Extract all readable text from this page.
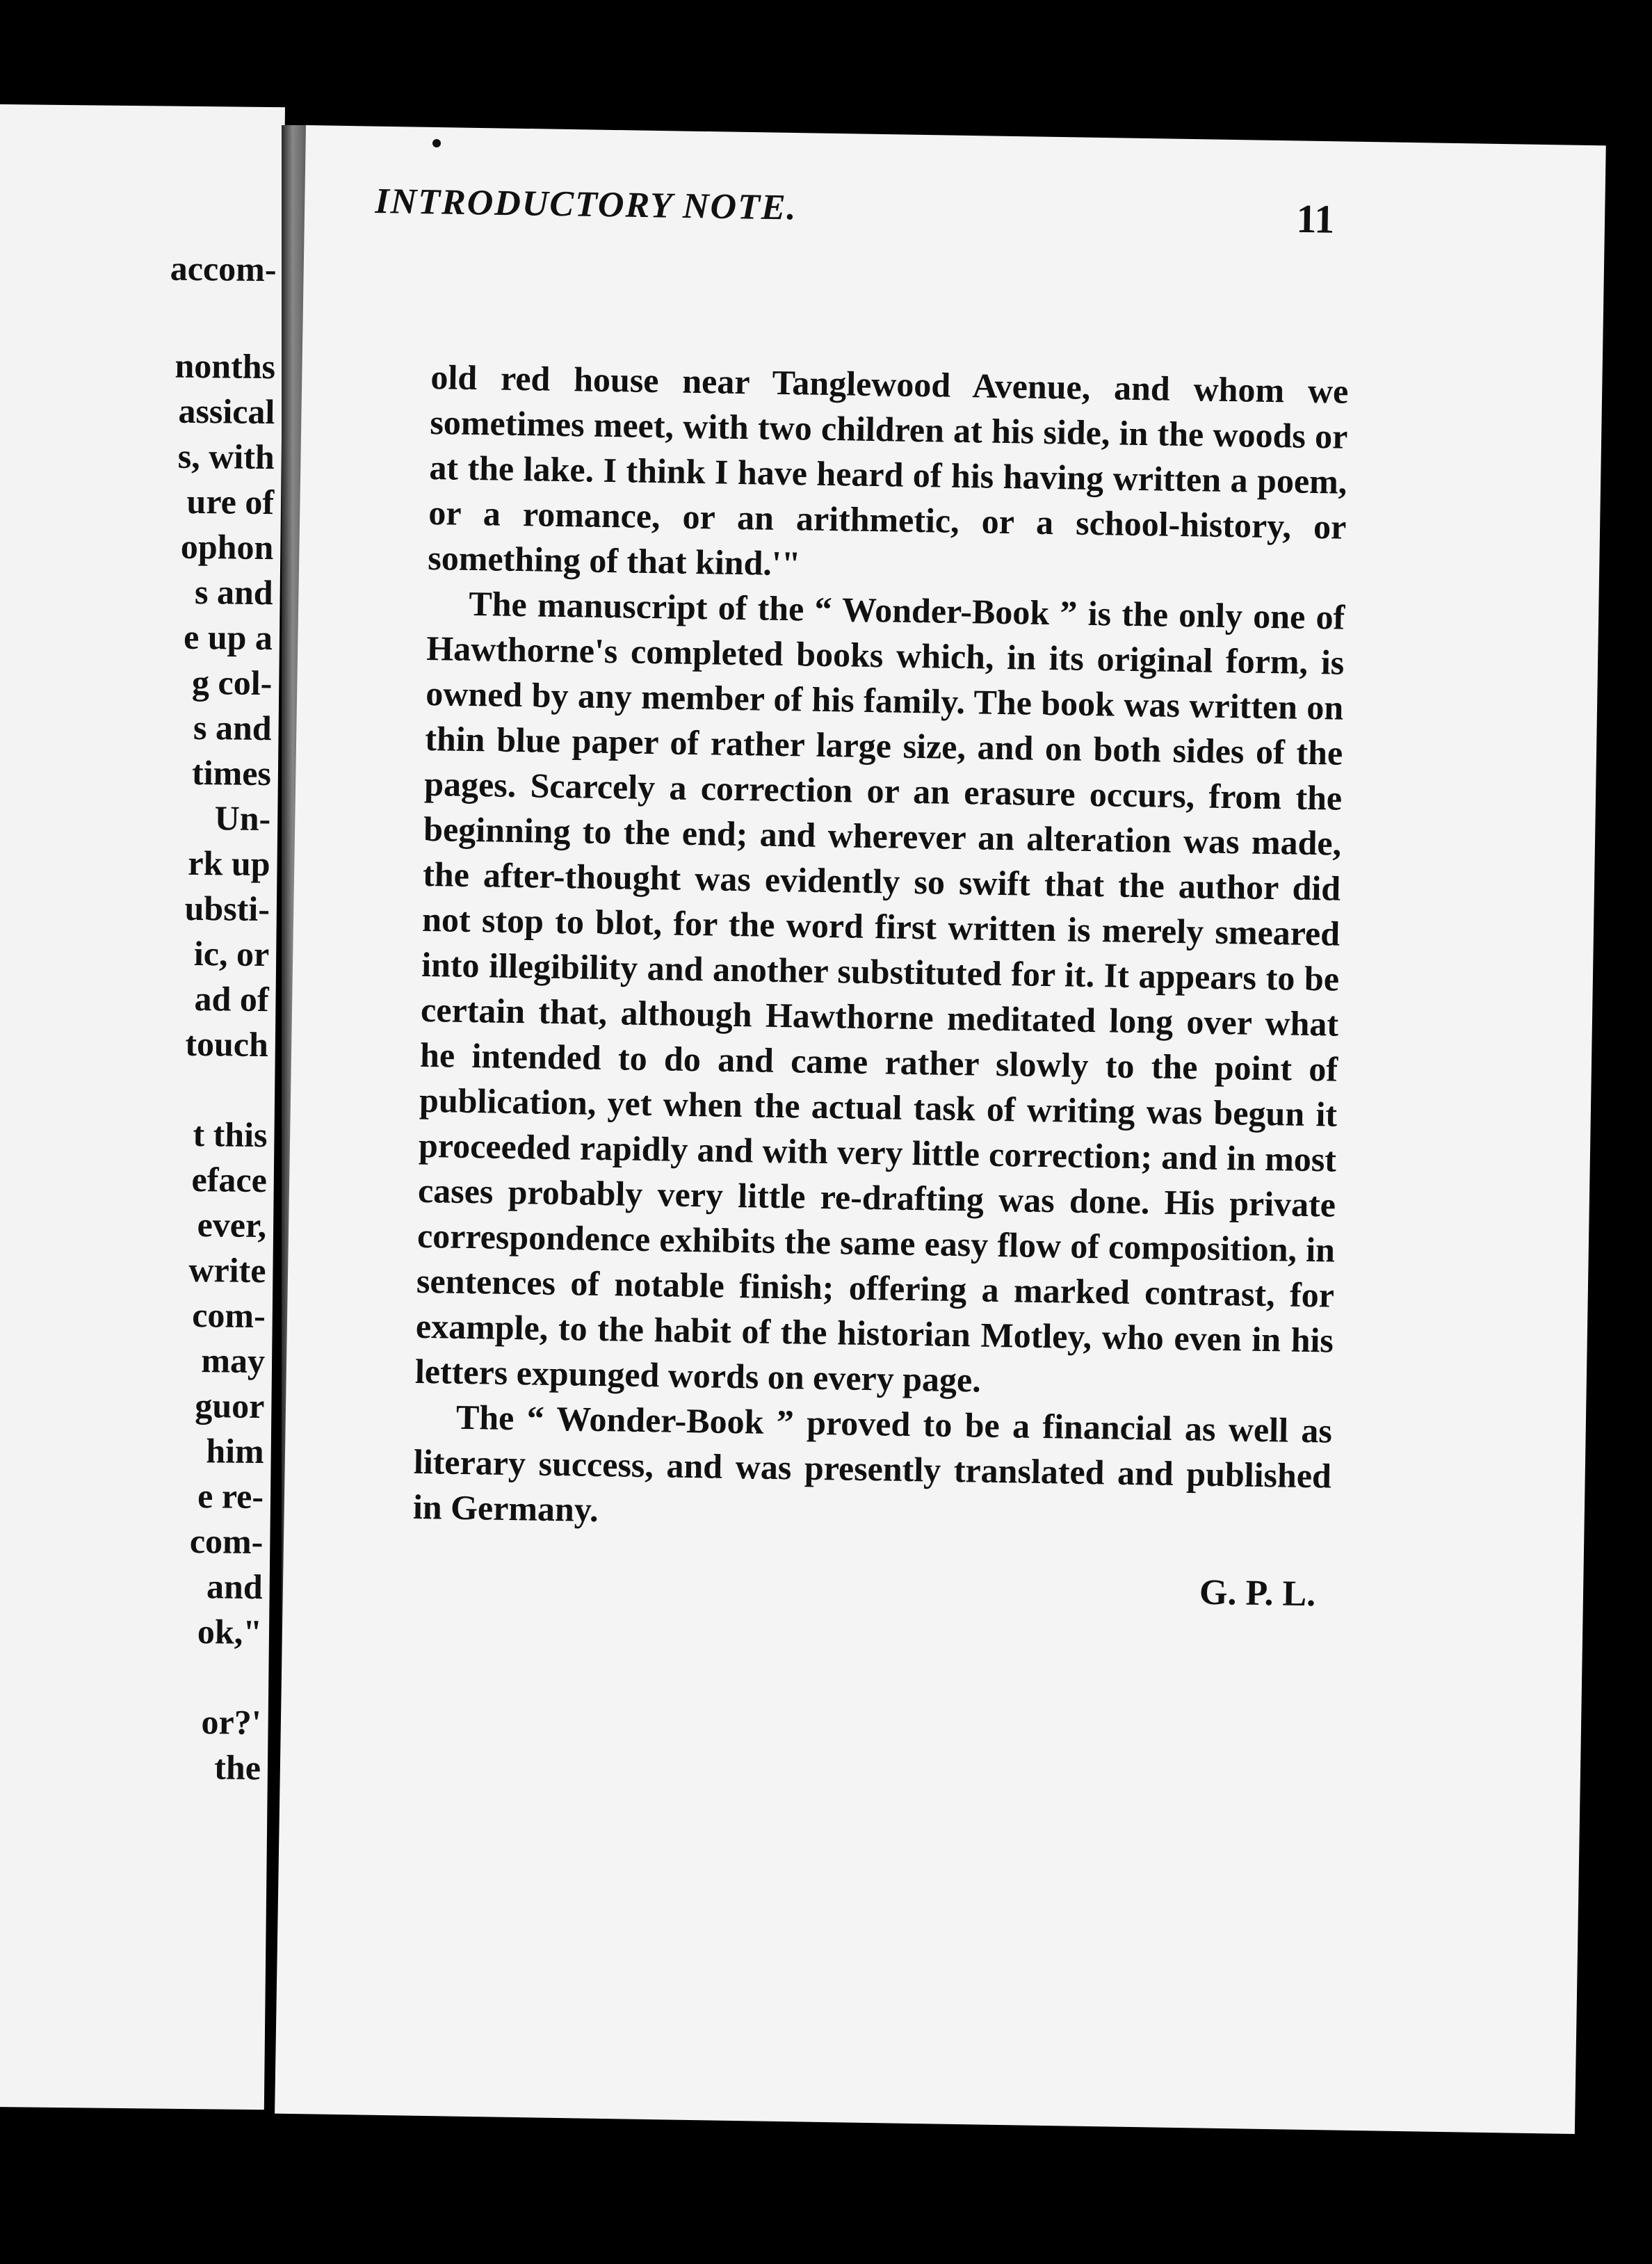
accom-
nonths
assical
s, with
ure of
ophon
s and
e up a
g col-
s and
times
Un-
rk up
ubsti-
ic, or
ad of
touch
t this
eface
ever,
write
com-
may
guor
him
e re-
com-
and
ok,"
or?'
the
INTRODUCTORY NOTE.	11

old red house near Tanglewood Avenue, and whom we sometimes meet, with two children at his side, in the woods or at the lake. I think I have heard of his having written a poem, or a romance, or an arithmetic, or a school-history, or something of that kind.'"

The manuscript of the “ Wonder-Book ” is the only one of Hawthorne's completed books which, in its original form, is owned by any member of his family. The book was written on thin blue paper of rather large size, and on both sides of the pages. Scarcely a correction or an erasure occurs, from the beginning to the end; and wherever an alteration was made, the after-thought was evidently so swift that the author did not stop to blot, for the word first written is merely smeared into illegibility and another substituted for it. It appears to be certain that, although Hawthorne meditated long over what he intended to do and came rather slowly to the point of publication, yet when the actual task of writing was begun it proceeded rapidly and with very little correction; and in most cases probably very little re-drafting was done. His private correspondence exhibits the same easy flow of composition, in sentences of notable finish; offering a marked contrast, for example, to the habit of the historian Motley, who even in his letters expunged words on every page.

The “ Wonder-Book ” proved to be a financial as well as literary success, and was presently translated and published in Germany.

G. P. L.
